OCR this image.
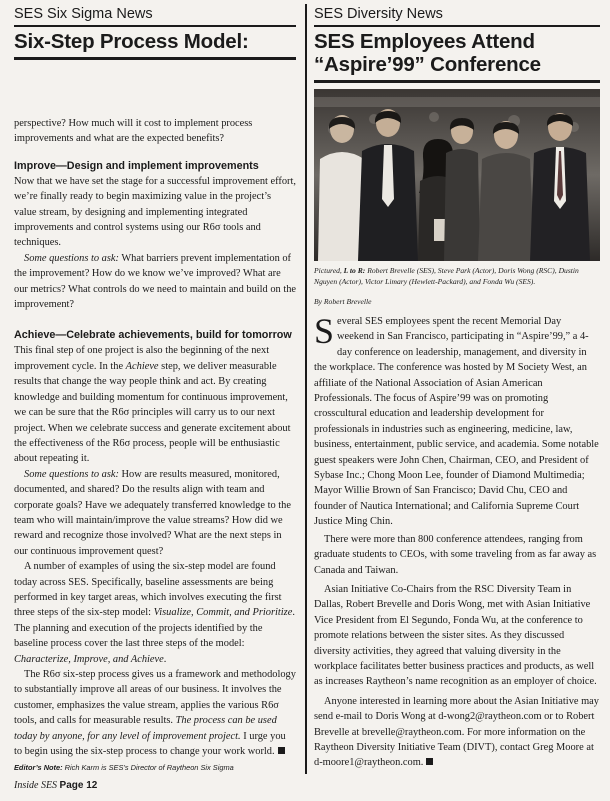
SES Six Sigma News
Six-Step Process Model:

perspective? How much will it cost to implement process improvements and what are the expected benefits?

Improve—Design and implement improvements

Now that we have set the stage for a successful improvement effort, we’re finally ready to begin maximizing value in the project’s value stream, by designing and implementing integrated improvements and control systems using our R6σ tools and techniques.

Some questions to ask: What barriers prevent implementation of the improvement? How do we know we’ve improved? What are our metrics? What controls do we need to maintain and build on the improvement?

Achieve—Celebrate achievements, build for tomorrow

This final step of one project is also the beginning of the next improvement cycle. In the Achieve step, we deliver measurable results that change the way people think and act. By creating knowledge and building momentum for continuous improvement, we can be sure that the R6σ principles will carry us to our next project. When we celebrate success and generate excitement about the effectiveness of the R6σ process, people will be enthusiastic about repeating it.

Some questions to ask: How are results measured, monitored, documented, and shared? Do the results align with team and corporate goals? Have we adequately transferred knowledge to the team who will maintain/improve the value streams? How did we reward and recognize those involved? What are the next steps in our continuous improvement quest?

A number of examples of using the six-step model are found today across SES. Specifically, baseline assessments are being performed in key target areas, which involves executing the first three steps of the six-step model: Visualize, Commit, and Prioritize. The planning and execution of the projects identified by the baseline process cover the last three steps of the model: Characterize, Improve, and Achieve.

The R6σ six-step process gives us a framework and methodology to substantially improve all areas of our business. It involves the customer, emphasizes the value stream, applies the various R6σ tools, and calls for measurable results. The process can be used today by anyone, for any level of improvement project. I urge you to begin using the six-step process to change your work world.

Editor’s Note: Rich Karm is SES’s Director of Raytheon Six Sigma
SES Diversity News
SES Employees Attend
“Aspire’99” Conference
Pictured, L to R: Robert Brevelle (SES), Steve Park (Actor), Doris Wong (RSC), Dustin Nguyen (Actor), Victor Limary (Hewlett-Packard), and Fonda Wu (SES).
By Robert Brevelle

Several SES employees spent the recent Memorial Day weekend in San Francisco, participating in “Aspire’99,” a 4-day conference on leadership, management, and diversity in the workplace. The conference was hosted by M Society West, an affiliate of the National Association of Asian American Professionals. The focus of Aspire’99 was on promoting crosscultural education and leadership development for professionals in industries such as engineering, medicine, law, business, entertainment, public service, and academia. Some notable guest speakers were John Chen, Chairman, CEO, and President of Sybase Inc.; Chong Moon Lee, founder of Diamond Multimedia; Mayor Willie Brown of San Francisco; David Chu, CEO and founder of Nautica International; and California Supreme Court Justice Ming Chin.

There were more than 800 conference attendees, ranging from graduate students to CEOs, with some traveling from as far away as Canada and Taiwan.

Asian Initiative Co-Chairs from the RSC Diversity Team in Dallas, Robert Brevelle and Doris Wong, met with Asian Initiative Vice President from El Segundo, Fonda Wu, at the conference to promote relations between the sister sites. As they discussed diversity activities, they agreed that valuing diversity in the workplace facilitates better business practices and products, as well as increases Raytheon’s name recognition as an employer of choice.

Anyone interested in learning more about the Asian Initiative may send e-mail to Doris Wong at d-wong2@raytheon.com or to Robert Brevelle at brevelle@raytheon.com. For more information on the Raytheon Diversity Initiative Team (DIVT), contact Greg Moore at d-moore1@raytheon.com.

Inside SES Page 12
